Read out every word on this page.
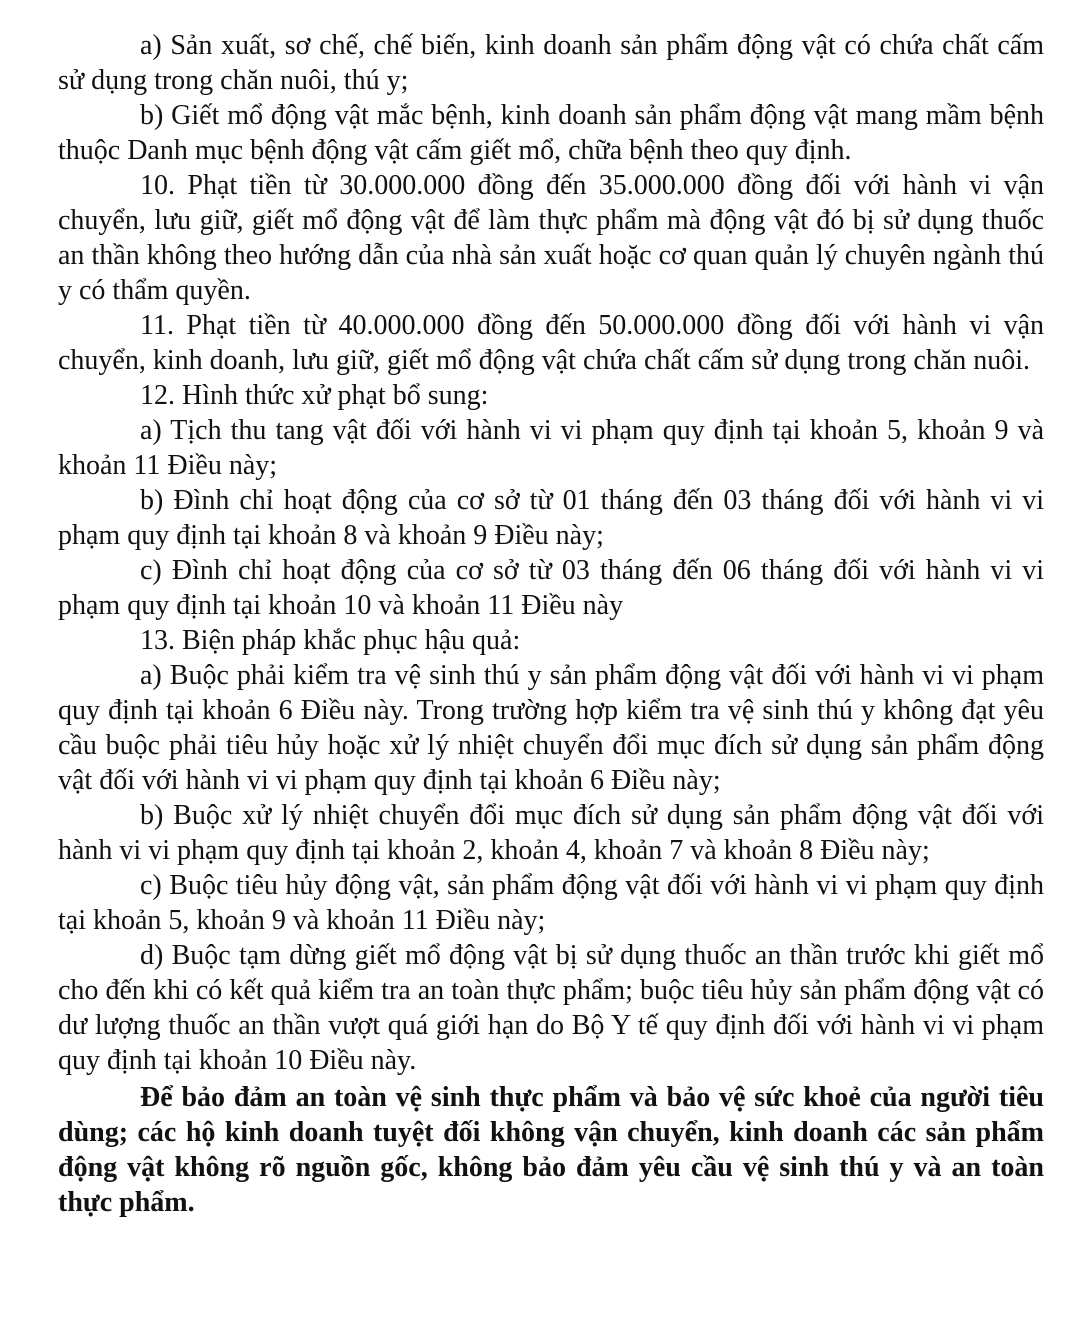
a) Sản xuất, sơ chế, chế biến, kinh doanh sản phẩm động vật có chứa chất cấm sử dụng trong chăn nuôi, thú y;

b) Giết mổ động vật mắc bệnh, kinh doanh sản phẩm động vật mang mầm bệnh thuộc Danh mục bệnh động vật cấm giết mổ, chữa bệnh theo quy định.

10. Phạt tiền từ 30.000.000 đồng đến 35.000.000 đồng đối với hành vi vận chuyển, lưu giữ, giết mổ động vật để làm thực phẩm mà động vật đó bị sử dụng thuốc an thần không theo hướng dẫn của nhà sản xuất hoặc cơ quan quản lý chuyên ngành thú y có thẩm quyền.

11. Phạt tiền từ 40.000.000 đồng đến 50.000.000 đồng đối với hành vi vận chuyển, kinh doanh, lưu giữ, giết mổ động vật chứa chất cấm sử dụng trong chăn nuôi.

12. Hình thức xử phạt bổ sung:

a) Tịch thu tang vật đối với hành vi vi phạm quy định tại khoản 5, khoản 9 và khoản 11 Điều này;

b) Đình chỉ hoạt động của cơ sở từ 01 tháng đến 03 tháng đối với hành vi vi phạm quy định tại khoản 8 và khoản 9 Điều này;

c) Đình chỉ hoạt động của cơ sở từ 03 tháng đến 06 tháng đối với hành vi vi phạm quy định tại khoản 10 và khoản 11 Điều này

13. Biện pháp khắc phục hậu quả:

a) Buộc phải kiểm tra vệ sinh thú y sản phẩm động vật đối với hành vi vi phạm quy định tại khoản 6 Điều này. Trong trường hợp kiểm tra vệ sinh thú y không đạt yêu cầu buộc phải tiêu hủy hoặc xử lý nhiệt chuyển đổi mục đích sử dụng sản phẩm động vật đối với hành vi vi phạm quy định tại khoản 6 Điều này;

b) Buộc xử lý nhiệt chuyển đổi mục đích sử dụng sản phẩm động vật đối với hành vi vi phạm quy định tại khoản 2, khoản 4, khoản 7 và khoản 8 Điều này;

c) Buộc tiêu hủy động vật, sản phẩm động vật đối với hành vi vi phạm quy định tại khoản 5, khoản 9 và khoản 11 Điều này;

d) Buộc tạm dừng giết mổ động vật bị sử dụng thuốc an thần trước khi giết mổ cho đến khi có kết quả kiểm tra an toàn thực phẩm; buộc tiêu hủy sản phẩm động vật có dư lượng thuốc an thần vượt quá giới hạn do Bộ Y tế quy định đối với hành vi vi phạm quy định tại khoản 10 Điều này.

Để bảo đảm an toàn vệ sinh thực phẩm và bảo vệ sức khoẻ của người tiêu dùng; các hộ kinh doanh tuyệt đối không vận chuyển, kinh doanh các sản phẩm động vật không rõ nguồn gốc, không bảo đảm yêu cầu vệ sinh thú y và an toàn thực phẩm.
